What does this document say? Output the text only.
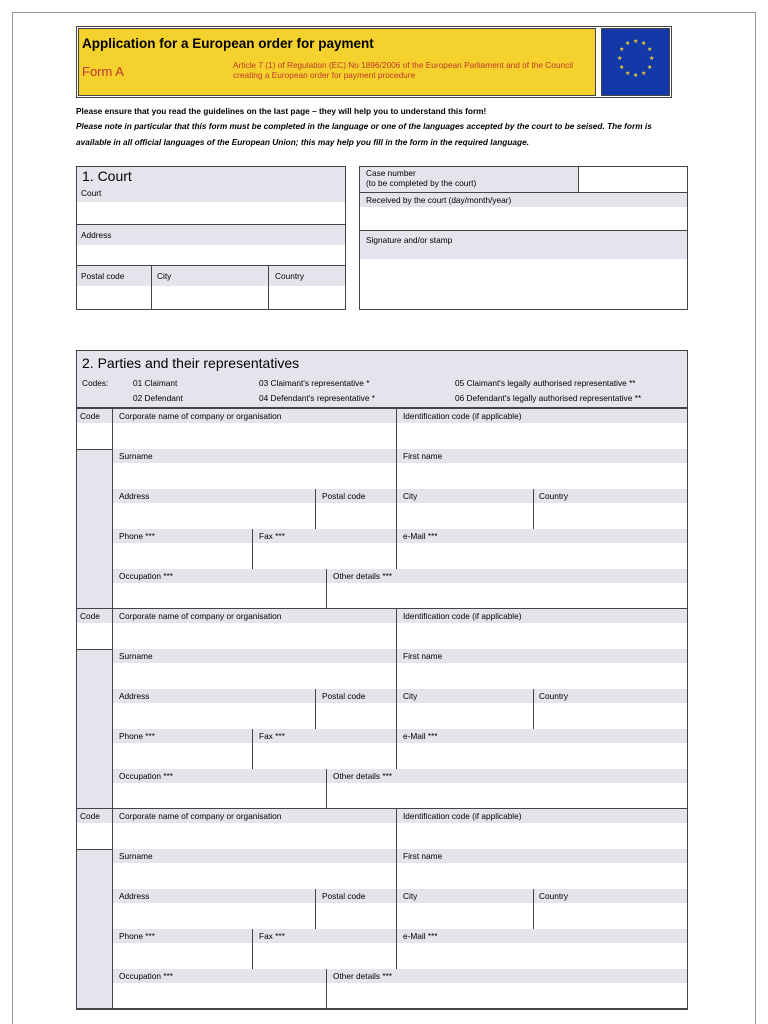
★ ★
★
★
★
★
★
★
★
★
★
★
Application for a European order for payment
Form A	Article 7 (1) of Regulation (EC) No 1896/2006 of the European Parliament and of the Council creating a European order for payment procedure
Please ensure that you read the guidelines on the last page – they will help you to understand this form!
Please note in particular that this form must be completed in the language or one of the languages accepted by the court to be seised. The form is available in all official languages of the European Union; this may help you fill in the form in the required language.
1. Court
Court
Address
Postal code	City	Country
Case number
(to be completed by the court)
Received by the court (day/month/year)
Signature and/or stamp
2. Parties and their representatives
Codes:	01 Claimant
02 Defendant
03 Claimant's representative *
04 Defendant's representative *
05 Claimant's legally authorised representative **
06 Defendant's legally authorised representative **
Code	Corporate name of company or organisation	Identification code (if applicable)
Surname	First name
Address	Postal code	City	Country
Phone ***	Fax ***	e-Mail ***
Occupation ***	Other details ***
Code	Corporate name of company or organisation	Identification code (if applicable)
Surname	First name
Address	Postal code	City	Country
Phone ***	Fax ***	e-Mail ***
Occupation ***	Other details ***
Code	Corporate name of company or organisation	Identification code (if applicable)
Surname	First name
Address	Postal code	City	Country
Phone ***	Fax ***	e-Mail ***
Occupation ***	Other details ***
